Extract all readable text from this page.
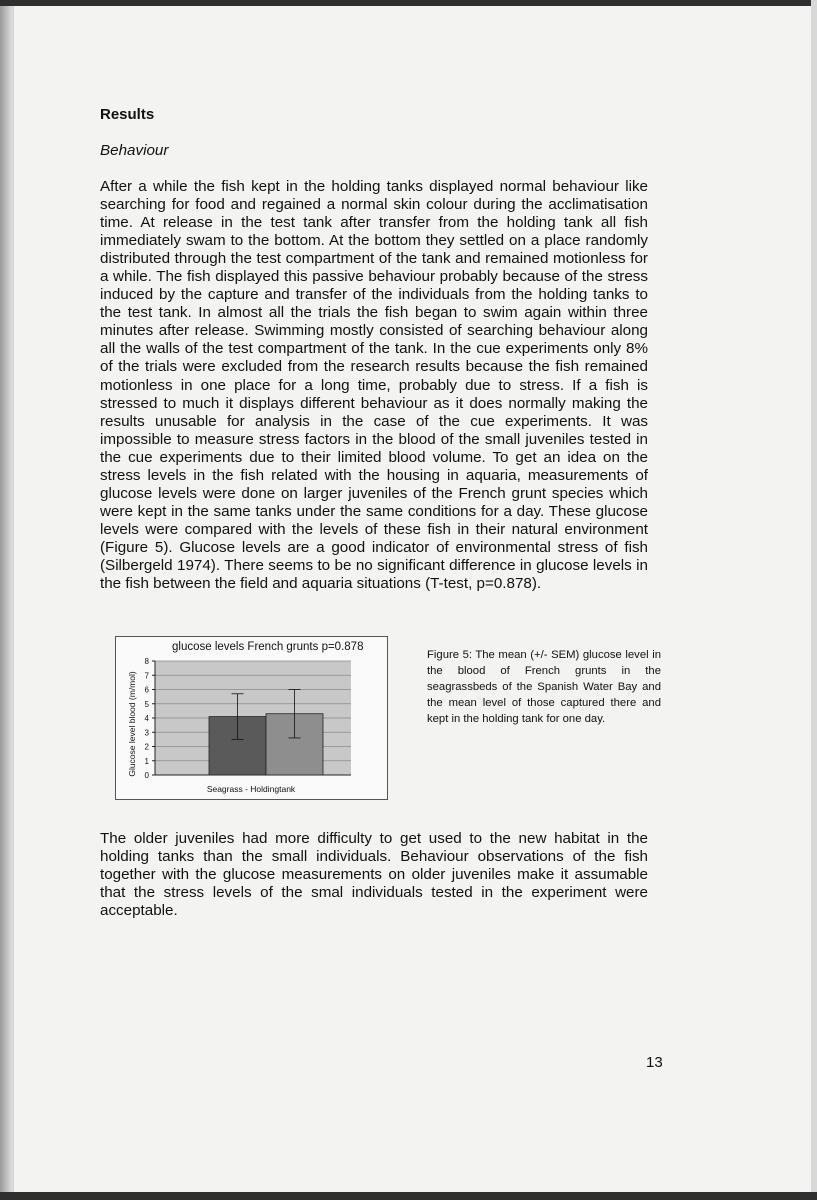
Results
Behaviour

After a while the fish kept in the holding tanks displayed normal behaviour like searching for food and regained a normal skin colour during the acclimatisation time. At release in the test tank after transfer from the holding tank all fish immediately swam to the bottom. At the bottom they settled on a place randomly distributed through the test compartment of the tank and remained motionless for a while. The fish displayed this passive behaviour probably because of the stress induced by the capture and transfer of the individuals from the holding tanks to the test tank. In almost all the trials the fish began to swim again within three minutes after release. Swimming mostly consisted of searching behaviour along all the walls of the test compartment of the tank. In the cue experiments only 8% of the trials were excluded from the research results because the fish remained motionless in one place for a long time, probably due to stress. If a fish is stressed to much it displays different behaviour as it does normally making the results unusable for analysis in the case of the cue experiments. It was impossible to measure stress factors in the blood of the small juveniles tested in the cue experiments due to their limited blood volume. To get an idea on the stress levels in the fish related with the housing in aquaria, measurements of glucose levels were done on larger juveniles of the French grunt species which were kept in the same tanks under the same conditions for a day. These glucose levels were compared with the levels of these fish in their natural environment (Figure 5). Glucose levels are a good indicator of environmental stress of fish (Silbergeld 1974). There seems to be no significant difference in glucose levels in the fish between the field and aquaria situations (T-test, p=0.878).

0
1
2
3
4
5
6
7
8
Seagrass - Holdingtank
Glucose level blood (m/mol)
glucose levels French grunts p=0.878

Figure 5: The mean (+/- SEM) glucose level in the blood of French grunts in the seagrassbeds of the Spanish Water Bay and the mean level of those captured there and kept in the holding tank for one day.

The older juveniles had more difficulty to get used to the new habitat in the holding tanks than the small individuals. Behaviour observations of the fish together with the glucose measurements on older juveniles make it assumable that the stress levels of the smal individuals tested in the experiment were acceptable.

13
